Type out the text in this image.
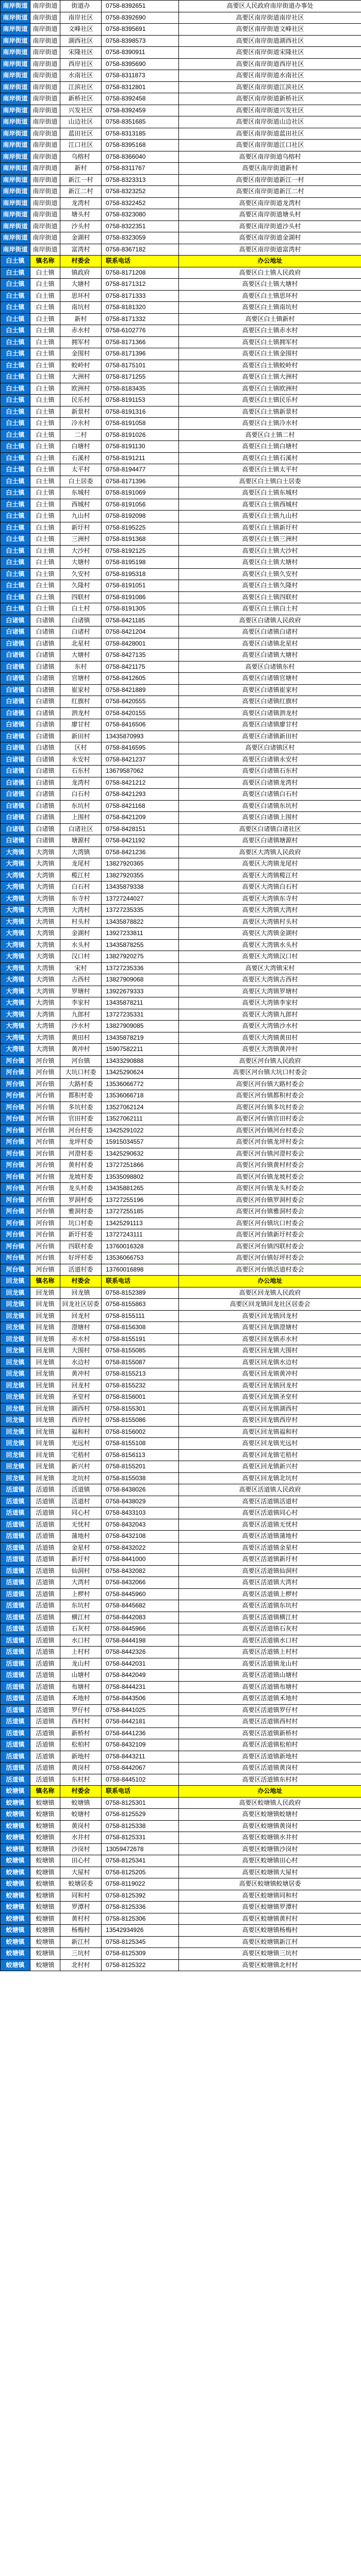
南岸街道	南岸街道	街道办	0758-8392651	高要区人民政府南岸街道办事处
南岸街道	南岸街道	南岸社区	0758-8392690	高要区南岸街道南岸社区
南岸街道	南岸街道	文峰社区	0758-8395691	高要区南岸街道文峰社区
南岸街道	南岸街道	湖西社区	0758-8398573	高要区南岸街道湖西社区
南岸街道	南岸街道	宋隆社区	0758-8390911	高要区南岸街道宋隆社区
南岸街道	南岸街道	西岸社区	0758-8395690	高要区南岸街道西岸社区
南岸街道	南岸街道	水南社区	0758-8311873	高要区南岸街道水南社区
南岸街道	南岸街道	江滨社区	0758-8312801	高要区南岸街道江滨社区
南岸街道	南岸街道	新桥社区	0758-8392458	高要区南岸街道新桥社区
南岸街道	南岸街道	兴发社区	0758-8392459	高要区南岸街道兴发社区
南岸街道	南岸街道	山边社区	0758-8351685	高要区南岸街道山边社区
南岸街道	南岸街道	蓝田社区	0758-8313185	高要区南岸街道蓝田社区
南岸街道	南岸街道	江口社区	0758-8395168	高要区南岸街道江口社区
南岸街道	南岸街道	乌榕村	0758-8366040	高要区南岸街道乌榕村
南岸街道	南岸街道	新村	0758-8311767	高要区南岸街道新村
南岸街道	南岸街道	新江一村	0758-8323313	高要区南岸街道新江一村
南岸街道	南岸街道	新江二村	0758-8323252	高要区南岸街道新江二村
南岸街道	南岸街道	龙湾村	0758-8322452	高要区南岸街道龙湾村
南岸街道	南岸街道	塘头村	0758-8323080	高要区南岸街道塘头村
南岸街道	南岸街道	沙头村	0758-8322351	高要区南岸街道沙头村
南岸街道	南岸街道	金湖村	0758-8323059	高要区南岸街道金湖村
南岸街道	南岸街道	富湾村	0758-8367182	高要区南岸街道富湾村
白土镇	镇名称	村委会	联系电话	办公地址
白土镇	白土镇	镇政府	0758-8171208	高要区白土镇人民政府
白土镇	白土镇	大塘村	0758-8171312	高要区白土镇大塘村
白土镇	白土镇	思环村	0758-8171333	高要区白土镇思环村
白土镇	白土镇	南坑村	0758-8181320	高要区白土镇南坑村
白土镇	白土镇	新村	0758-8171332	高要区白土镇新村
白土镇	白土镇	赤水村	0758-6102776	高要区白土镇赤水村
白土镇	白土镇	拥军村	0758-8171366	高要区白土镇拥军村
白土镇	白土镇	金围村	0758-8171396	高要区白土镇金围村
白土镇	白土镇	蛟岭村	0758-8175101	高要区白土镇蛟岭村
白土镇	白土镇	大洲村	0758-8171255	高要区白土镇大洲村
白土镇	白土镇	欧洲村	0758-8183435	高要区白土镇欧洲村
白土镇	白土镇	民乐村	0758-8191153	高要区白土镇民乐村
白土镇	白土镇	新景村	0758-8191316	高要区白土镇新景村
白土镇	白土镇	冷水村	0758-8191058	高要区白土镇冷水村
白土镇	白土镇	二村	0758-8191026	高要区白土镇二村
白土镇	白土镇	白塘村	0758-8191130	高要区白土镇白塘村
白土镇	白土镇	石溪村	0758-8191211	高要区白土镇石溪村
白土镇	白土镇	太平村	0758-8194477	高要区白土镇太平村
白土镇	白土镇	白土居委	0758-8171396	高要区白土镇白土居委
白土镇	白土镇	东城村	0758-8191069	高要区白土镇东城村
白土镇	白土镇	西城村	0758-8191056	高要区白土镇西城村
白土镇	白土镇	九山村	0758-8192098	高要区白土镇九山村
白土镇	白土镇	新圩村	0758-8195225	高要区白土镇新圩村
白土镇	白土镇	三洲村	0758-8191368	高要区白土镇三洲村
白土镇	白土镇	大沙村	0758-8192125	高要区白土镇大沙村
白土镇	白土镇	大塘村	0758-8195198	高要区白土镇大塘村
白土镇	白土镇	久安村	0758-8195318	高要区白土镇久安村
白土镇	白土镇	久隆村	0758-8191051	高要区白土镇久隆村
白土镇	白土镇	四联村	0758-8191086	高要区白土镇四联村
白土镇	白土镇	白土村	0758-8191305	高要区白土镇白土村
白诸镇	白诸镇	白诸镇	0758-8421185	高要区白诸镇人民政府
白诸镇	白诸镇	白诸村	0758-8421204	高要区白诸镇白诸村
白诸镇	白诸镇	北星村	0758-8428001	高要区白诸镇北星村
白诸镇	白诸镇	大塘村	0758-8427135	高要区白诸镇大塘村
白诸镇	白诸镇	东村	0758-8421175	高要区白诸镇东村
白诸镇	白诸镇	官塘村	0758-8412605	高要区白诸镇官塘村
白诸镇	白诸镇	崔家村	0758-8421889	高要区白诸镇崔家村
白诸镇	白诸镇	红旗村	0758-8420555	高要区白诸镇红旗村
白诸镇	白诸镇	泗龙村	0758-8420155	高要区白诸镇泗龙村
白诸镇	白诸镇	廖甘村	0758-8416506	高要区白诸镇廖甘村
白诸镇	白诸镇	新田村	13435870993	高要区白诸镇新田村
白诸镇	白诸镇	区村	0758-8416595	高要区白诸镇区村
白诸镇	白诸镇	永安村	0758-8421237	高要区白诸镇永安村
白诸镇	白诸镇	石东村	13679587062	高要区白诸镇石东村
白诸镇	白诸镇	龙湾村	0758-8421212	高要区白诸镇龙湾村
白诸镇	白诸镇	白石村	0758-8421293	高要区白诸镇白石村
白诸镇	白诸镇	东坑村	0758-8421168	高要区白诸镇东坑村
白诸镇	白诸镇	上围村	0758-8421209	高要区白诸镇上围村
白诸镇	白诸镇	白诸社区	0758-8428151	高要区白诸镇白诸社区
白诸镇	白诸镇	塘源村	0758-8421192	高要区白诸镇塘源村
大湾镇	大湾镇	大湾镇	0758-8421236	高要区大湾镇人民政府
大湾镇	大湾镇	龙尾村	13827920365	高要区大湾镇龙尾村
大湾镇	大湾镇	榄江村	13827920355	高要区大湾镇榄江村
大湾镇	大湾镇	白石村	13435879338	高要区大湾镇白石村
大湾镇	大湾镇	东寺村	13727244027	高要区大湾镇东寺村
大湾镇	大湾镇	大湾村	13727235335	高要区大湾镇大湾村
大湾镇	大湾镇	村头村	13435878822	高要区大湾镇村头村
大湾镇	大湾镇	金湖村	13927233811	高要区大湾镇金湖村
大湾镇	大湾镇	水头村	13435878255	高要区大湾镇水头村
大湾镇	大湾镇	汉口村	13827920275	高要区大湾镇汉口村
大湾镇	大湾镇	宋村	13727235336	高要区大湾镇宋村
大湾镇	大湾镇	古西村	13827909068	高要区大湾镇古西村
大湾镇	大湾镇	罗塘村	13922679333	高要区大湾镇罗塘村
大湾镇	大湾镇	李家村	13435878211	高要区大湾镇李家村
大湾镇	大湾镇	九郎村	13727235331	高要区大湾镇九郎村
大湾镇	大湾镇	沙水村	13827909085	高要区大湾镇沙水村
大湾镇	大湾镇	黄田村	13435878219	高要区大湾镇黄田村
大湾镇	大湾镇	黄冲村	15907582211	高要区大湾镇黄冲村
河台镇	河台镇	河台镇	13433290888	高要区河台镇人民政府
河台镇	河台镇	大坑口村委	13425290624	高要区河台镇大坑口村委会
河台镇	河台镇	大路村委	13536066772	高要区河台镇大路村委会
河台镇	河台镇	都积村委	13536066718	高要区河台镇都积村委会
河台镇	河台镇	多坑村委	13527062124	高要区河台镇多坑村委会
河台镇	河台镇	官田村委	13527062111	高要区河台镇官田村委会
河台镇	河台镇	河台村委	13425291022	高要区河台镇河台村委会
河台镇	河台镇	龙坪村委	15915034557	高要区河台镇龙坪村委会
河台镇	河台镇	河澄村委	13425290632	高要区河台镇河澄村委会
河台镇	河台镇	黄村村委	13727251866	高要区河台镇黄村村委会
河台镇	河台镇	龙坡村委	13535098802	高要区河台镇龙坡村委会
河台镇	河台镇	龙头村委	13435881265	高要区河台镇龙头村委会
河台镇	河台镇	罗洞村委	13727255196	高要区河台镇罗洞村委会
河台镇	河台镇	雅洞村委	13727255185	高要区河台镇雅洞村委会
河台镇	河台镇	坑口村委	13425291113	高要区河台镇坑口村委会
河台镇	河台镇	新圩村委	13727243111	高要区河台镇新圩村委会
河台镇	河台镇	四联村委	13760016328	高要区河台镇四联村委会
河台镇	河台镇	好坪村委	13536066753	高要区河台镇好坪村委会
河台镇	河台镇	活道村委	13760016898	高要区河台镇活道村委会
回龙镇	镇名称	村委会	联系电话	办公地址
回龙镇	回龙镇	回龙镇	0758-8152389	高要区回龙镇人民政府
回龙镇	回龙镇	回龙社区居委	0758-8155863	高要区回龙镇回龙社区居委会
回龙镇	回龙镇	回龙村	0758-8155111	高要区回龙镇回龙村
回龙镇	回龙镇	澄塘村	0758-8156308	高要区回龙镇澄塘村
回龙镇	回龙镇	赤水村	0758-8155191	高要区回龙镇赤水村
回龙镇	回龙镇	大围村	0758-8155085	高要区回龙镇大围村
回龙镇	回龙镇	水边村	0758-8155087	高要区回龙镇水边村
回龙镇	回龙镇	黄冲村	0758-8155213	高要区回龙镇黄冲村
回龙镇	回龙镇	回龙村	0758-8155232	高要区回龙镇回龙村
回龙镇	回龙镇	圣堂村	0758-8156001	高要区回龙镇圣堂村
回龙镇	回龙镇	湖西村	0758-8155301	高要区回龙镇湖西村
回龙镇	回龙镇	西岸村	0758-8155086	高要区回龙镇西岸村
回龙镇	回龙镇	福和村	0758-8156002	高要区回龙镇福和村
回龙镇	回龙镇	光远村	0758-8155108	高要区回龙镇光远村
回龙镇	回龙镇	宅梧村	0758-8156113	高要区回龙镇宅梧村
回龙镇	回龙镇	新兴村	0758-8155201	高要区回龙镇新兴村
回龙镇	回龙镇	北坑村	0758-8155038	高要区回龙镇北坑村
活道镇	活道镇	活道镇	0758-8438026	高要区活道镇人民政府
活道镇	活道镇	活道村	0758-8438029	高要区活道镇活道村
活道镇	活道镇	同心村	0758-8433103	高要区活道镇同心村
活道镇	活道镇	无忧村	0758-8432043	高要区活道镇无忧村
活道镇	活道镇	蒲地村	0758-8432108	高要区活道镇蒲地村
活道镇	活道镇	金星村	0758-8432022	高要区活道镇金星村
活道镇	活道镇	新圩村	0758-8441000	高要区活道镇新圩村
活道镇	活道镇	仙洞村	0758-8432082	高要区活道镇仙洞村
活道镇	活道镇	大湾村	0758-8432066	高要区活道镇大湾村
活道镇	活道镇	上椤村	0758-8445960	高要区活道镇上椤村
活道镇	活道镇	东坑村	0758-8445682	高要区活道镇东坑村
活道镇	活道镇	横江村	0758-8442083	高要区活道镇横江村
活道镇	活道镇	石灰村	0758-8445966	高要区活道镇石灰村
活道镇	活道镇	水口村	0758-8444198	高要区活道镇水口村
活道镇	活道镇	上村村	0758-8442326	高要区活道镇上村村
活道镇	活道镇	龙山村	0758-8442031	高要区活道镇龙山村
活道镇	活道镇	山塘村	0758-8442049	高要区活道镇山塘村
活道镇	活道镇	布塘村	0758-8444231	高要区活道镇布塘村
活道镇	活道镇	禾地村	0758-8443506	高要区活道镇禾地村
活道镇	活道镇	罗仔村	0758-8441025	高要区活道镇罗仔村
活道镇	活道镇	西村村	0758-8442181	高要区活道镇西村村
活道镇	活道镇	新桥村	0758-8441236	高要区活道镇新桥村
活道镇	活道镇	松柏村	0758-8432109	高要区活道镇松柏村
活道镇	活道镇	新地村	0758-8443211	高要区活道镇新地村
活道镇	活道镇	黄岗村	0758-8442067	高要区活道镇黄岗村
活道镇	活道镇	东村村	0758-8445102	高要区活道镇东村村
蛟塘镇	镇名称	村委会	联系电话	办公地址
蛟塘镇	蛟塘镇	蛟塘镇	0758-8125301	高要区蛟塘镇人民政府
蛟塘镇	蛟塘镇	蛟塘村	0758-8125529	高要区蛟塘镇蛟塘村
蛟塘镇	蛟塘镇	黄岗村	0758-8125338	高要区蛟塘镇黄岗村
蛟塘镇	蛟塘镇	水井村	0758-8125331	高要区蛟塘镇水井村
蛟塘镇	蛟塘镇	沙岗村	13059472678	高要区蛟塘镇沙岗村
蛟塘镇	蛟塘镇	田心村	0758-8125341	高要区蛟塘镇田心村
蛟塘镇	蛟塘镇	大屋村	0758-8125205	高要区蛟塘镇大屋村
蛟塘镇	蛟塘镇	蛟塘居委	0758-8119022	高要区蛟塘镇蛟塘居委
蛟塘镇	蛟塘镇	同和村	0758-8125392	高要区蛟塘镇同和村
蛟塘镇	蛟塘镇	罗潭村	0758-8125336	高要区蛟塘镇罗潭村
蛟塘镇	蛟塘镇	黄村村	0758-8125306	高要区蛟塘镇黄村村
蛟塘镇	蛟塘镇	杨梅村	13542934926	高要区蛟塘镇杨梅村
蛟塘镇	蛟塘镇	新江村	0758-8125345	高要区蛟塘镇新江村
蛟塘镇	蛟塘镇	三坑村	0758-8125309	高要区蛟塘镇三坑村
蛟塘镇	蛟塘镇	北村村	0758-8125322	高要区蛟塘镇北村村
